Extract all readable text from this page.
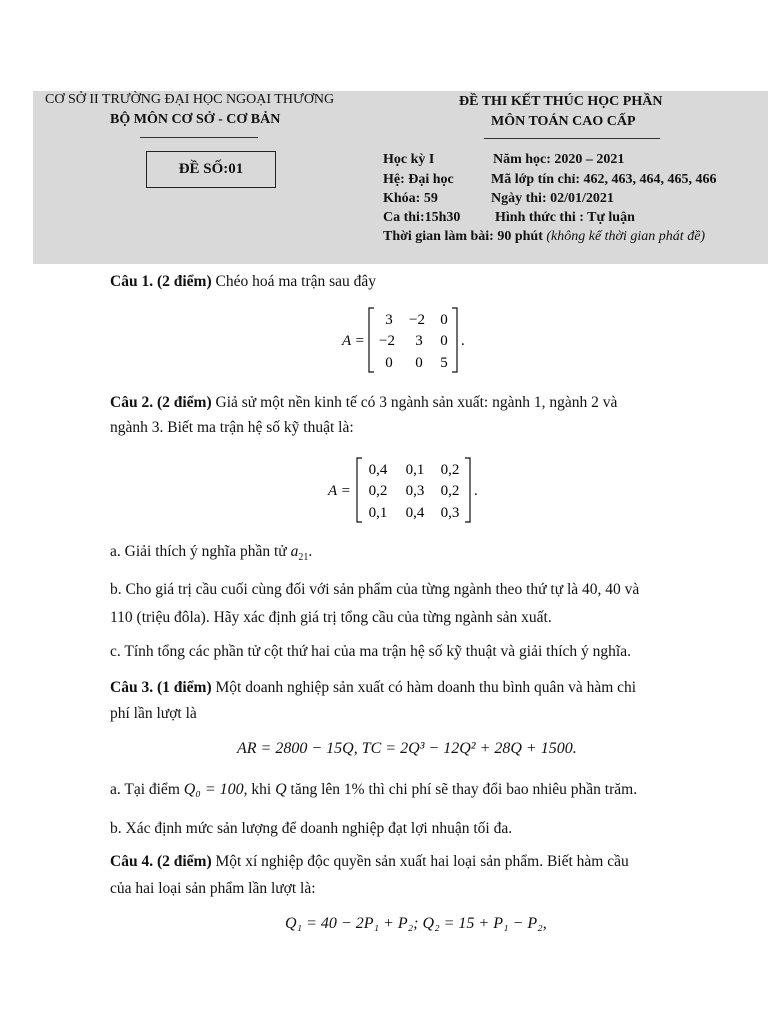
CƠ SỞ II TRƯỜNG ĐẠI HỌC NGOẠI THƯƠNG
BỘ MÔN CƠ SỞ - CƠ BẢN
ĐỀ SỐ:01
ĐỀ THI KẾT THÚC HỌC PHẦN
MÔN TOÁN CAO CẤP
Học kỳ I	Năm học: 2020 – 2021
Hệ: Đại học	Mã lớp tín chỉ: 462, 463, 464, 465, 466
Khóa: 59	Ngày thi: 02/01/2021
Ca thi:15h30 Hình thức thi : Tự luận
Thời gian làm bài: 90 phút (không kể thời gian phát đề)
Câu 1. (2 điểm) Chéo hoá ma trận sau đây
A =
3 −2 0
−2 3 0
0 0 5
.
Câu 2. (2 điểm) Giả sử một nền kinh tế có 3 ngành sản xuất: ngành 1, ngành 2 và
ngành 3. Biết ma trận hệ số kỹ thuật là:
A =
0,4 0,1 0,2
0,2 0,3 0,2
0,1 0,4 0,3
.
a. Giải thích ý nghĩa phần tử $a_{21}$.
b. Cho giá trị cầu cuối cùng đối với sản phẩm của từng ngành theo thứ tự là 40, 40 và
110 (triệu đôla). Hãy xác định giá trị tổng cầu của từng ngành sản xuất.
c. Tính tổng các phần tử cột thứ hai của ma trận hệ số kỹ thuật và giải thích ý nghĩa.
Câu 3. (1 điểm) Một doanh nghiệp sản xuất có hàm doanh thu bình quân và hàm chi
phí lần lượt là
AR = 2800 − 15Q, TC = 2Q³ − 12Q² + 28Q + 1500.
a. Tại điểm Q₀ = 100, khi Q tăng lên 1% thì chi phí sẽ thay đổi bao nhiêu phần trăm.
b. Xác định mức sản lượng để doanh nghiệp đạt lợi nhuận tối đa.
Câu 4. (2 điểm) Một xí nghiệp độc quyền sản xuất hai loại sản phẩm. Biết hàm cầu
của hai loại sản phẩm lần lượt là:
Q₁ = 40 − 2P₁ + P₂; Q₂ = 15 + P₁ − P₂,
